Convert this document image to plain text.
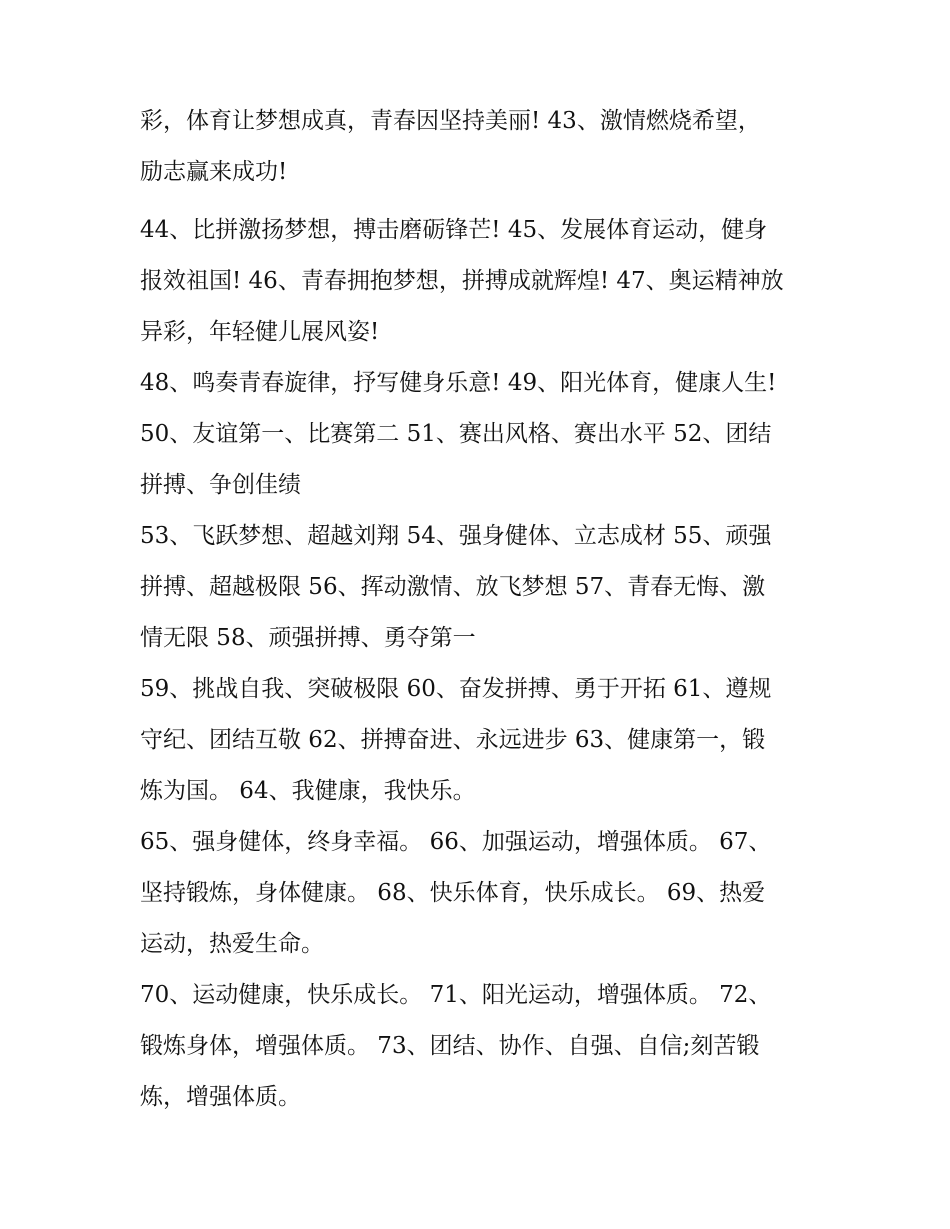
彩，体育让梦想成真，青春因坚持美丽! 43、激情燃烧希望，
励志赢来成功!
44、比拼激扬梦想，搏击磨砺锋芒! 45、发展体育运动，健身
报效祖国! 46、青春拥抱梦想，拼搏成就辉煌! 47、奥运精神放
异彩，年轻健儿展风姿!
48、鸣奏青春旋律，抒写健身乐意! 49、阳光体育，健康人生!
50、友谊第一、比赛第二 51、赛出风格、赛出水平 52、团结
拼搏、争创佳绩
53、飞跃梦想、超越刘翔 54、强身健体、立志成材 55、顽强
拼搏、超越极限 56、挥动激情、放飞梦想 57、青春无悔、激
情无限 58、顽强拼搏、勇夺第一
59、挑战自我、突破极限 60、奋发拼搏、勇于开拓 61、遵规
守纪、团结互敬 62、拼搏奋进、永远进步 63、健康第一，锻
炼为国。 64、我健康，我快乐。
65、强身健体，终身幸福。 66、加强运动，增强体质。 67、
坚持锻炼，身体健康。 68、快乐体育，快乐成长。 69、热爱
运动，热爱生命。
70、运动健康，快乐成长。 71、阳光运动，增强体质。 72、
锻炼身体，增强体质。 73、团结、协作、自强、自信;刻苦锻
炼，增强体质。
